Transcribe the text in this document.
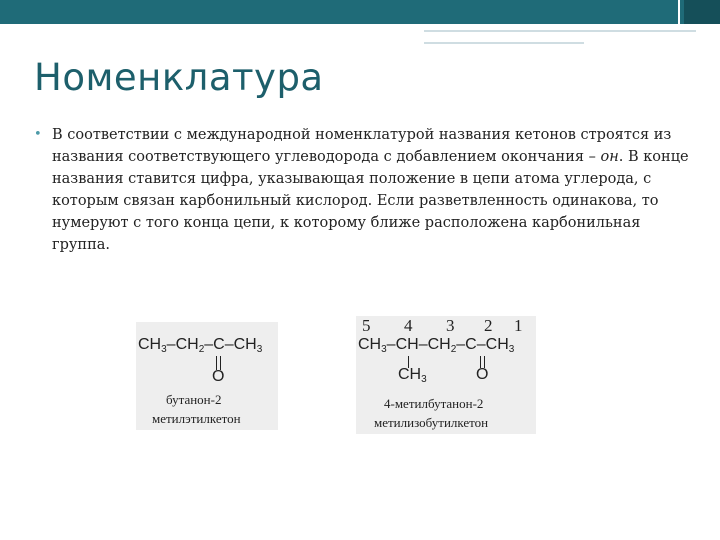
Номенклатура
• В соответствии с международной номенклатурой названия кетонов строятся из названия соответствующего углеводорода с добавлением окончания – он. В конце названия ставится цифра, указывающая положение в цепи атома углерода, с которым связан карбонильный кислород. Если разветвленность одинакова, то нумеруют с того конца цепи, к которому ближе расположена карбонильная группа.
$CH_3-CH_2-C-CH_3$
O
бутанон-2
метилэтилкетон
5 4 3 2 1
$CH_3-CH-CH_2-C-CH_3$
$CH_3$	O
4-метилбутанон-2
метилизобутилкетон
